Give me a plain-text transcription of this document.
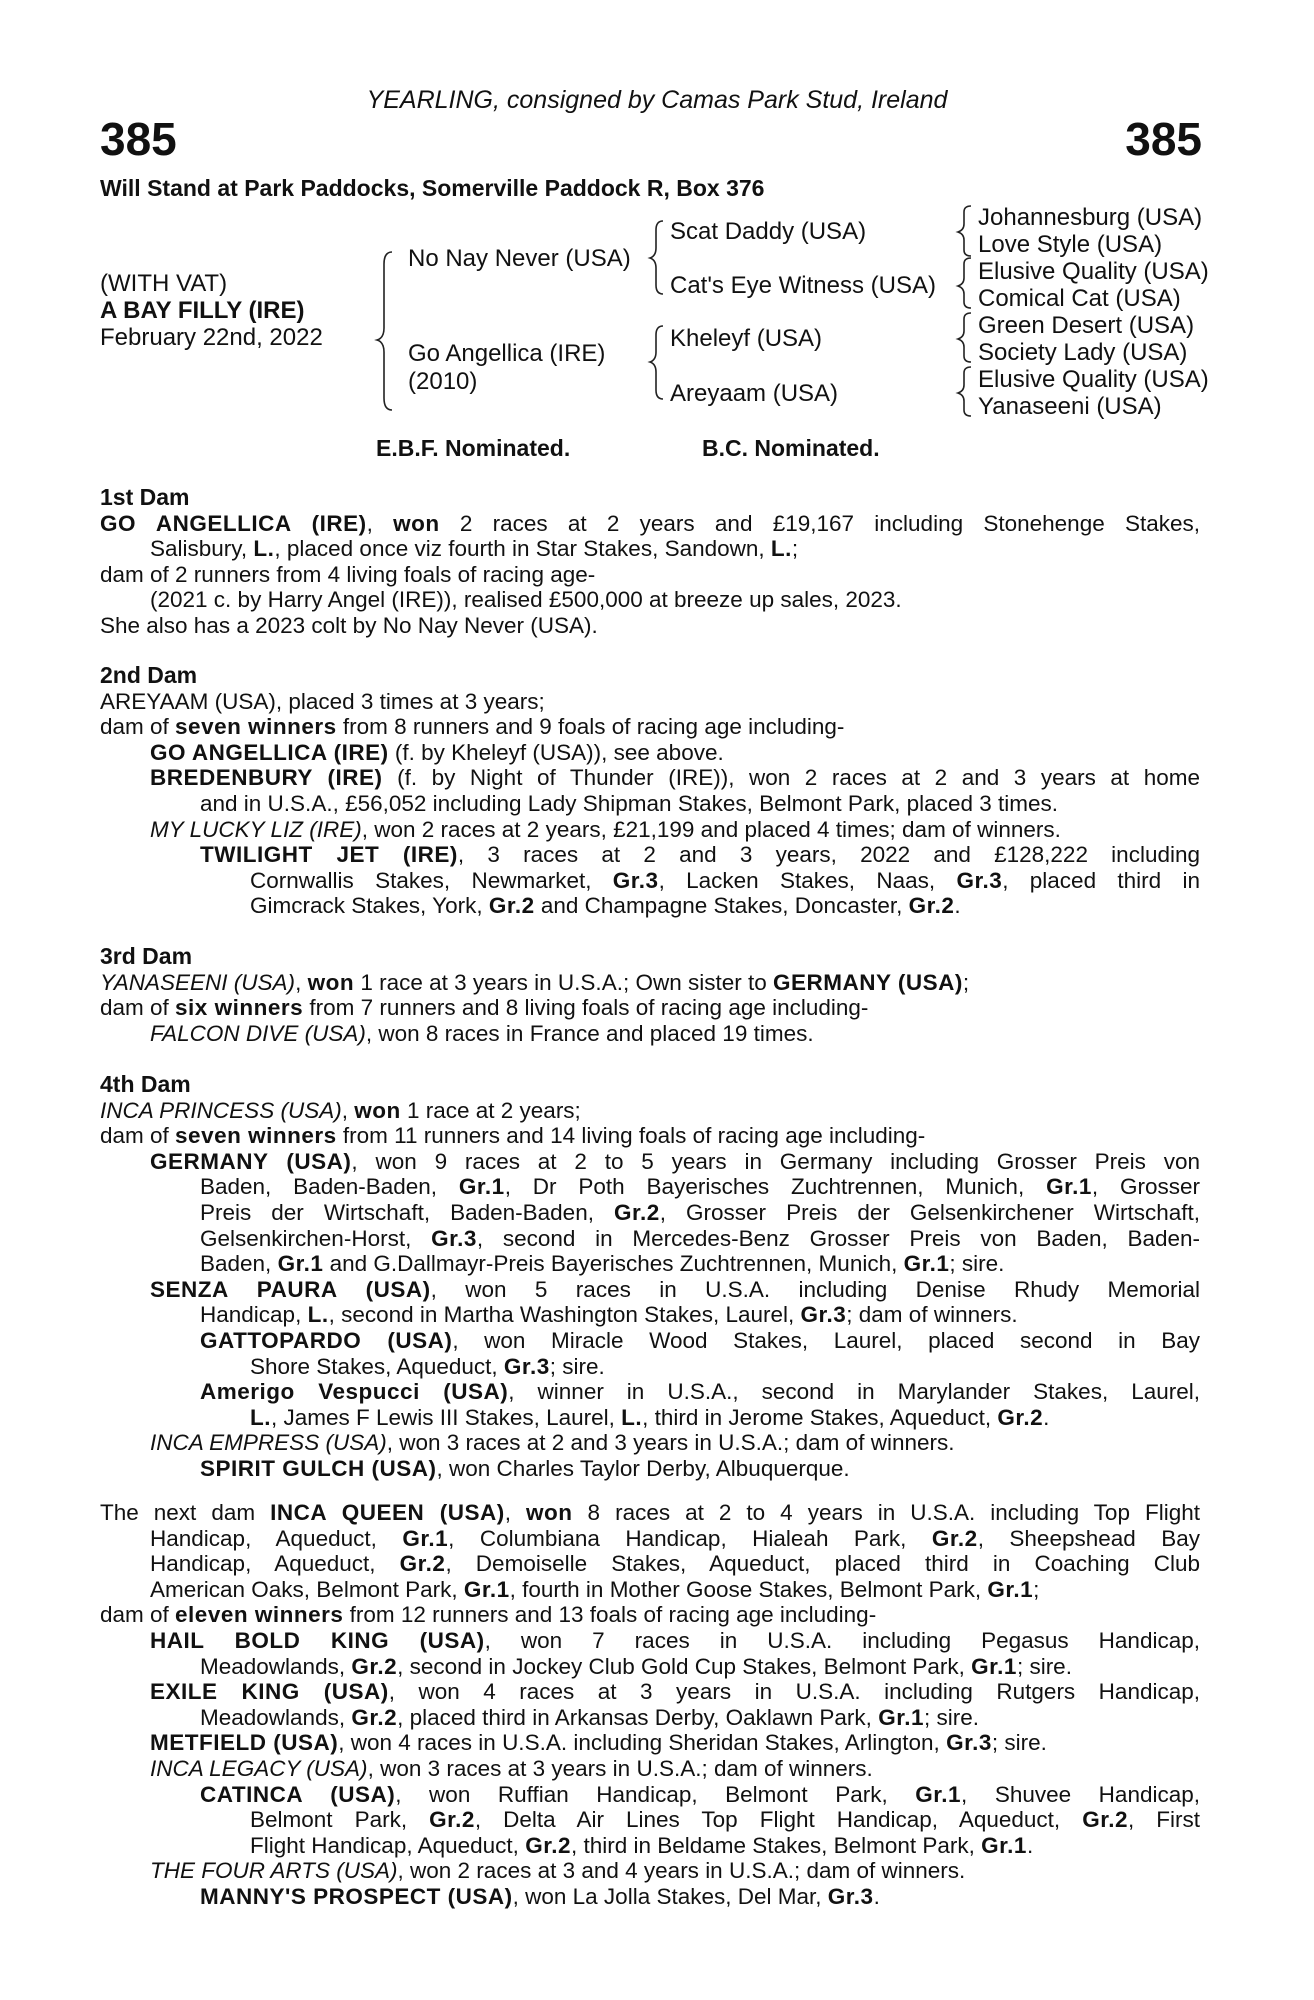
YEARLING, consigned by Camas Park Stud, Ireland
385	385
Will Stand at Park Paddocks, Somerville Paddock R, Box 376
(WITH VAT)
A BAY FILLY (IRE)
February 22nd, 2022
No Nay Never (USA)
Go Angellica (IRE)
(2010)
Scat Daddy (USA)
Cat's Eye Witness (USA)
Kheleyf (USA)
Areyaam (USA)
Johannesburg (USA)
Love Style (USA)
Elusive Quality (USA)
Comical Cat (USA)
Green Desert (USA)
Society Lady (USA)
Elusive Quality (USA)
Yanaseeni (USA)
E.B.F. Nominated.	B.C. Nominated.
1st Dam
GO ANGELLICA (IRE), won 2 races at 2 years and £19,167 including Stonehenge Stakes,
Salisbury, L., placed once viz fourth in Star Stakes, Sandown, L.;
dam of 2 runners from 4 living foals of racing age-
(2021 c. by Harry Angel (IRE)), realised £500,000 at breeze up sales, 2023.
She also has a 2023 colt by No Nay Never (USA).
2nd Dam
AREYAAM (USA), placed 3 times at 3 years;
dam of seven winners from 8 runners and 9 foals of racing age including-
GO ANGELLICA (IRE) (f. by Kheleyf (USA)), see above.
BREDENBURY (IRE) (f. by Night of Thunder (IRE)), won 2 races at 2 and 3 years at home
and in U.S.A., £56,052 including Lady Shipman Stakes, Belmont Park, placed 3 times.
MY LUCKY LIZ (IRE), won 2 races at 2 years, £21,199 and placed 4 times; dam of winners.
TWILIGHT JET (IRE), 3 races at 2 and 3 years, 2022 and £128,222 including
Cornwallis Stakes, Newmarket, Gr.3, Lacken Stakes, Naas, Gr.3, placed third in
Gimcrack Stakes, York, Gr.2 and Champagne Stakes, Doncaster, Gr.2.
3rd Dam
YANASEENI (USA), won 1 race at 3 years in U.S.A.; Own sister to GERMANY (USA);
dam of six winners from 7 runners and 8 living foals of racing age including-
FALCON DIVE (USA), won 8 races in France and placed 19 times.
4th Dam
INCA PRINCESS (USA), won 1 race at 2 years;
dam of seven winners from 11 runners and 14 living foals of racing age including-
GERMANY (USA), won 9 races at 2 to 5 years in Germany including Grosser Preis von
Baden, Baden-Baden, Gr.1, Dr Poth Bayerisches Zuchtrennen, Munich, Gr.1, Grosser
Preis der Wirtschaft, Baden-Baden, Gr.2, Grosser Preis der Gelsenkirchener Wirtschaft,
Gelsenkirchen-Horst, Gr.3, second in Mercedes-Benz Grosser Preis von Baden, Baden-
Baden, Gr.1 and G.Dallmayr-Preis Bayerisches Zuchtrennen, Munich, Gr.1; sire.
SENZA PAURA (USA), won 5 races in U.S.A. including Denise Rhudy Memorial
Handicap, L., second in Martha Washington Stakes, Laurel, Gr.3; dam of winners.
GATTOPARDO (USA), won Miracle Wood Stakes, Laurel, placed second in Bay
Shore Stakes, Aqueduct, Gr.3; sire.
Amerigo Vespucci (USA), winner in U.S.A., second in Marylander Stakes, Laurel,
L., James F Lewis III Stakes, Laurel, L., third in Jerome Stakes, Aqueduct, Gr.2.
INCA EMPRESS (USA), won 3 races at 2 and 3 years in U.S.A.; dam of winners.
SPIRIT GULCH (USA), won Charles Taylor Derby, Albuquerque.
The next dam INCA QUEEN (USA), won 8 races at 2 to 4 years in U.S.A. including Top Flight
Handicap, Aqueduct, Gr.1, Columbiana Handicap, Hialeah Park, Gr.2, Sheepshead Bay
Handicap, Aqueduct, Gr.2, Demoiselle Stakes, Aqueduct, placed third in Coaching Club
American Oaks, Belmont Park, Gr.1, fourth in Mother Goose Stakes, Belmont Park, Gr.1;
dam of eleven winners from 12 runners and 13 foals of racing age including-
HAIL BOLD KING (USA), won 7 races in U.S.A. including Pegasus Handicap,
Meadowlands, Gr.2, second in Jockey Club Gold Cup Stakes, Belmont Park, Gr.1; sire.
EXILE KING (USA), won 4 races at 3 years in U.S.A. including Rutgers Handicap,
Meadowlands, Gr.2, placed third in Arkansas Derby, Oaklawn Park, Gr.1; sire.
METFIELD (USA), won 4 races in U.S.A. including Sheridan Stakes, Arlington, Gr.3; sire.
INCA LEGACY (USA), won 3 races at 3 years in U.S.A.; dam of winners.
CATINCA (USA), won Ruffian Handicap, Belmont Park, Gr.1, Shuvee Handicap,
Belmont Park, Gr.2, Delta Air Lines Top Flight Handicap, Aqueduct, Gr.2, First
Flight Handicap, Aqueduct, Gr.2, third in Beldame Stakes, Belmont Park, Gr.1.
THE FOUR ARTS (USA), won 2 races at 3 and 4 years in U.S.A.; dam of winners.
MANNY'S PROSPECT (USA), won La Jolla Stakes, Del Mar, Gr.3.
